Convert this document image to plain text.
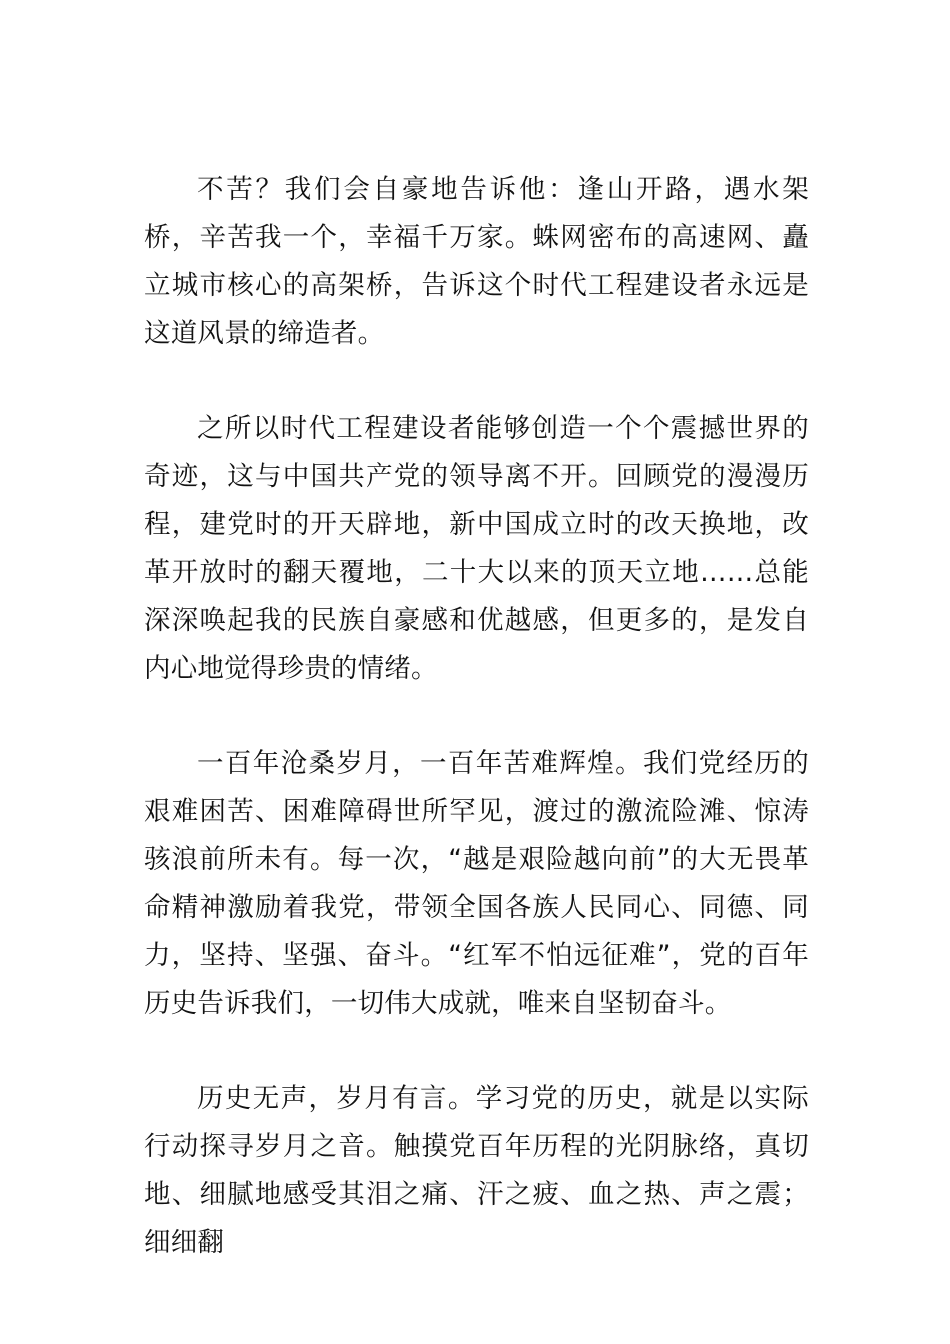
不苦？我们会自豪地告诉他：逢山开路，遇水架桥，辛苦我一个，幸福千万家。蛛网密布的高速网、矗立城市核心的高架桥，告诉这个时代工程建设者永远是这道风景的缔造者。

之所以时代工程建设者能够创造一个个震撼世界的奇迹，这与中国共产党的领导离不开。回顾党的漫漫历程，建党时的开天辟地，新中国成立时的改天换地，改革开放时的翻天覆地，二十大以来的顶天立地……总能深深唤起我的民族自豪感和优越感，但更多的，是发自内心地觉得珍贵的情绪。

一百年沧桑岁月，一百年苦难辉煌。我们党经历的艰难困苦、困难障碍世所罕见，渡过的激流险滩、惊涛骇浪前所未有。每一次，“越是艰险越向前”的大无畏革命精神激励着我党，带领全国各族人民同心、同德、同力，坚持、坚强、奋斗。“红军不怕远征难”，党的百年历史告诉我们，一切伟大成就，唯来自坚韧奋斗。

历史无声，岁月有言。学习党的历史，就是以实际行动探寻岁月之音。触摸党百年历程的光阴脉络，真切地、细腻地感受其泪之痛、汗之疲、血之热、声之震；细细翻
